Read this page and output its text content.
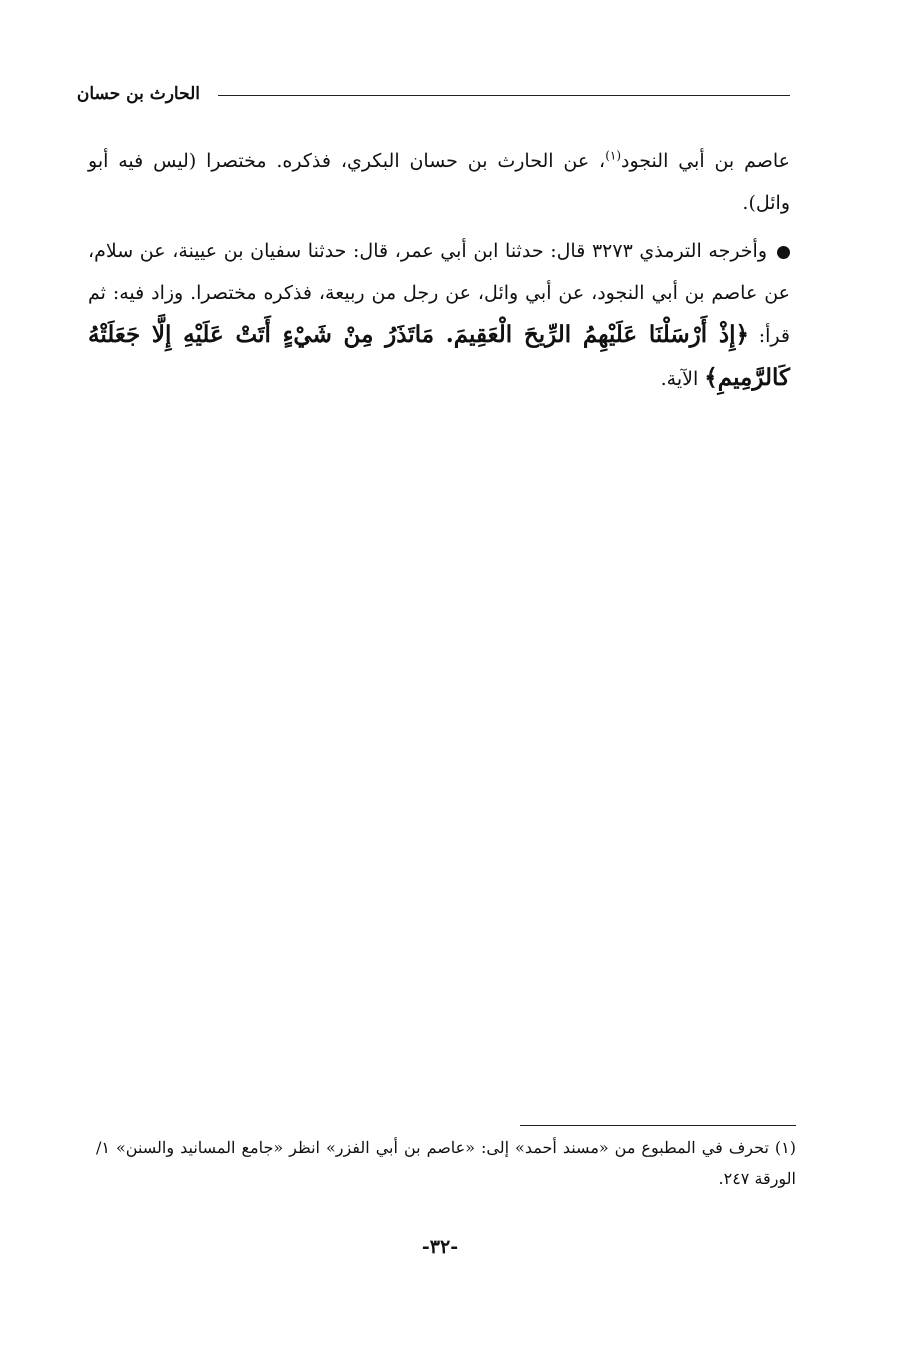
الحارث بن حسان

عاصم بن أبي النجود$^{(١)}$، عن الحارث بن حسان البكري، فذكره. مختصرا (ليس فيه أبو وائل).

وأخرجه الترمذي ٣٢٧٣ قال: حدثنا ابن أبي عمر، قال: حدثنا سفيان بن عيينة، عن سلام، عن عاصم بن أبي النجود، عن أبي وائل، عن رجل من ربيعة، فذكره مختصرا. وزاد فيه: ثم قرأ: ﴿إِذْ أَرْسَلْنَا عَلَيْهِمُ الرِّيحَ الْعَقِيمَ. مَاتَذَرُ مِنْ شَيْءٍ أَتَتْ عَلَيْهِ إِلَّا جَعَلَتْهُ كَالرَّمِيمِ﴾ الآية.

(١) تحرف في المطبوع من «مسند أحمد» إلى: «عاصم بن أبي الفزر» انظر «جامع المسانيد والسنن» ١/الورقة ٢٤٧.

-٣٢-
